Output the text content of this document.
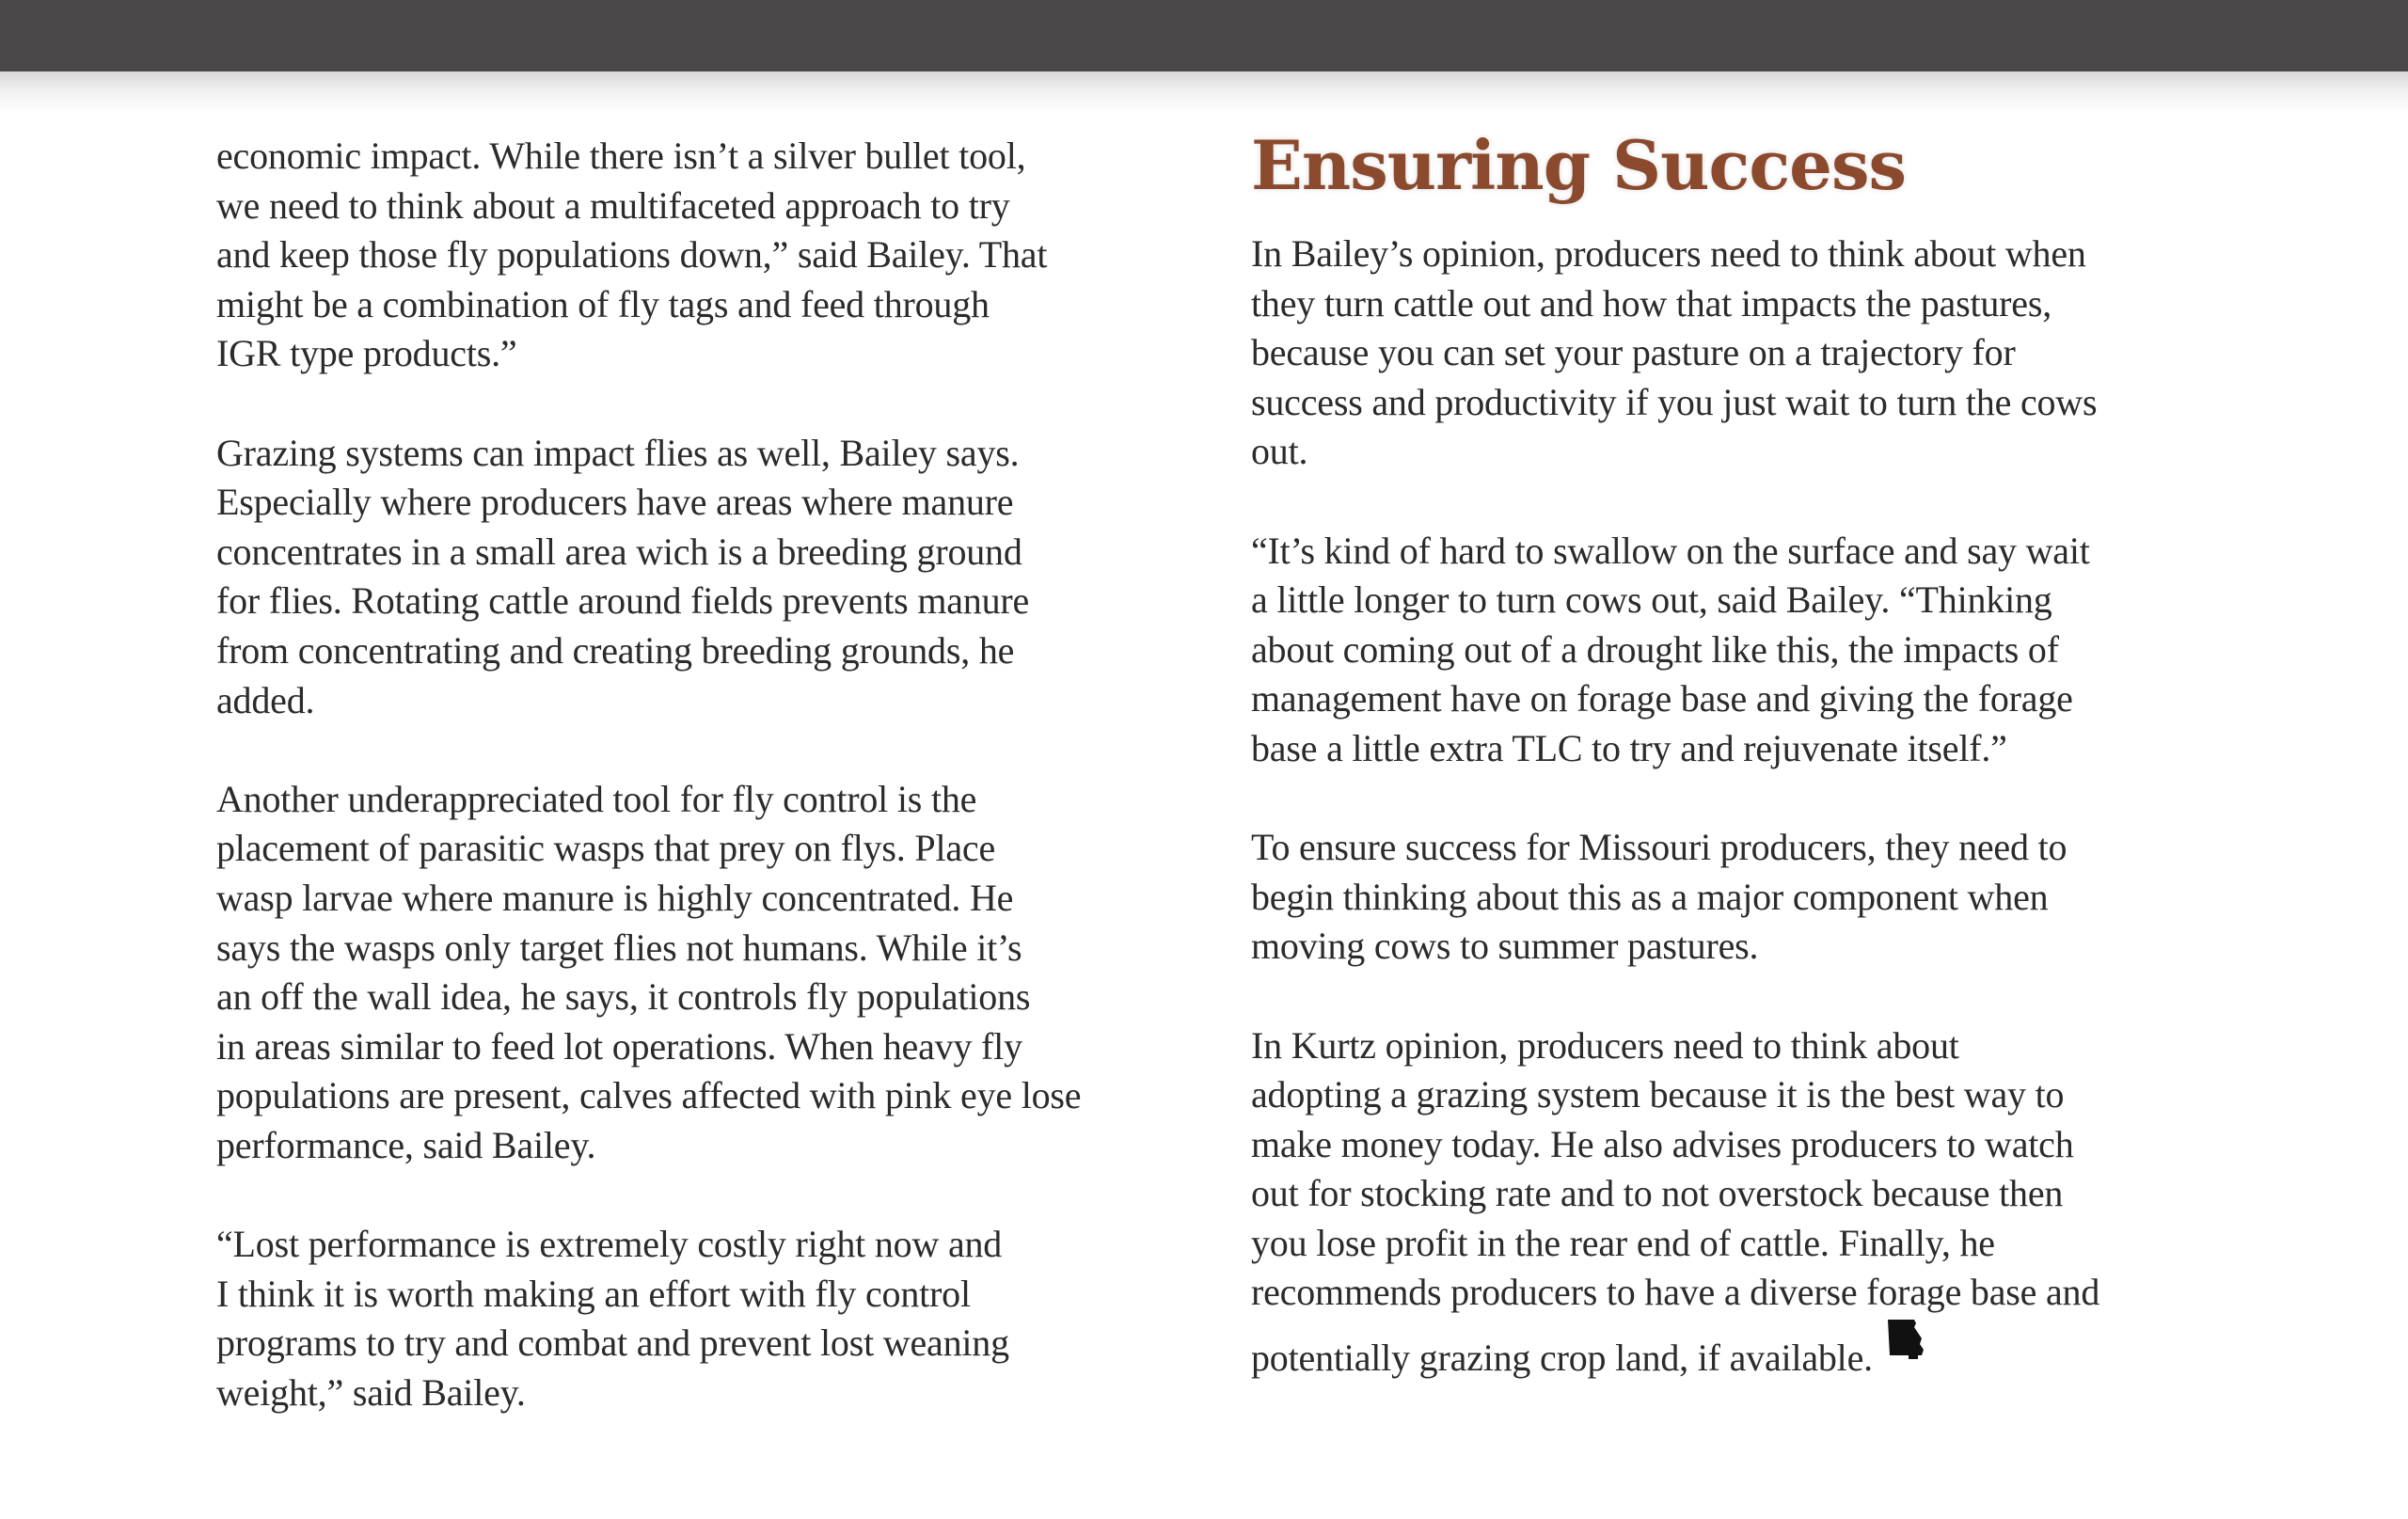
economic impact. While there isn’t a silver bullet tool,
we need to think about a multifaceted approach to try
and keep those fly populations down,” said Bailey. That
might be a combination of fly tags and feed through
IGR type products.”

Grazing systems can impact flies as well, Bailey says.
Especially where producers have areas where manure
concentrates in a small area wich is a breeding ground
for flies. Rotating cattle around fields prevents manure
from concentrating and creating breeding grounds, he
added.

Another underappreciated tool for fly control is the
placement of parasitic wasps that prey on flys. Place
wasp larvae where manure is highly concentrated. He
says the wasps only target flies not humans. While it’s
an off the wall idea, he says, it controls fly populations
in areas similar to feed lot operations. When heavy fly
populations are present, calves affected with pink eye lose
performance, said Bailey.

“Lost performance is extremely costly right now and
I think it is worth making an effort with fly control
programs to try and combat and prevent lost weaning
weight,” said Bailey.

Ensuring Success

In Bailey’s opinion, producers need to think about when
they turn cattle out and how that impacts the pastures,
because you can set your pasture on a trajectory for
success and productivity if you just wait to turn the cows
out.

“It’s kind of hard to swallow on the surface and say wait
a little longer to turn cows out, said Bailey. “Thinking
about coming out of a drought like this, the impacts of
management have on forage base and giving the forage
base a little extra TLC to try and rejuvenate itself.”

To ensure success for Missouri producers, they need to
begin thinking about this as a major component when
moving cows to summer pastures.

In Kurtz opinion, producers need to think about
adopting a grazing system because it is the best way to
make money today. He also advises producers to watch
out for stocking rate and to not overstock because then
you lose profit in the rear end of cattle. Finally, he
recommends producers to have a diverse forage base and
potentially grazing crop land, if available.
